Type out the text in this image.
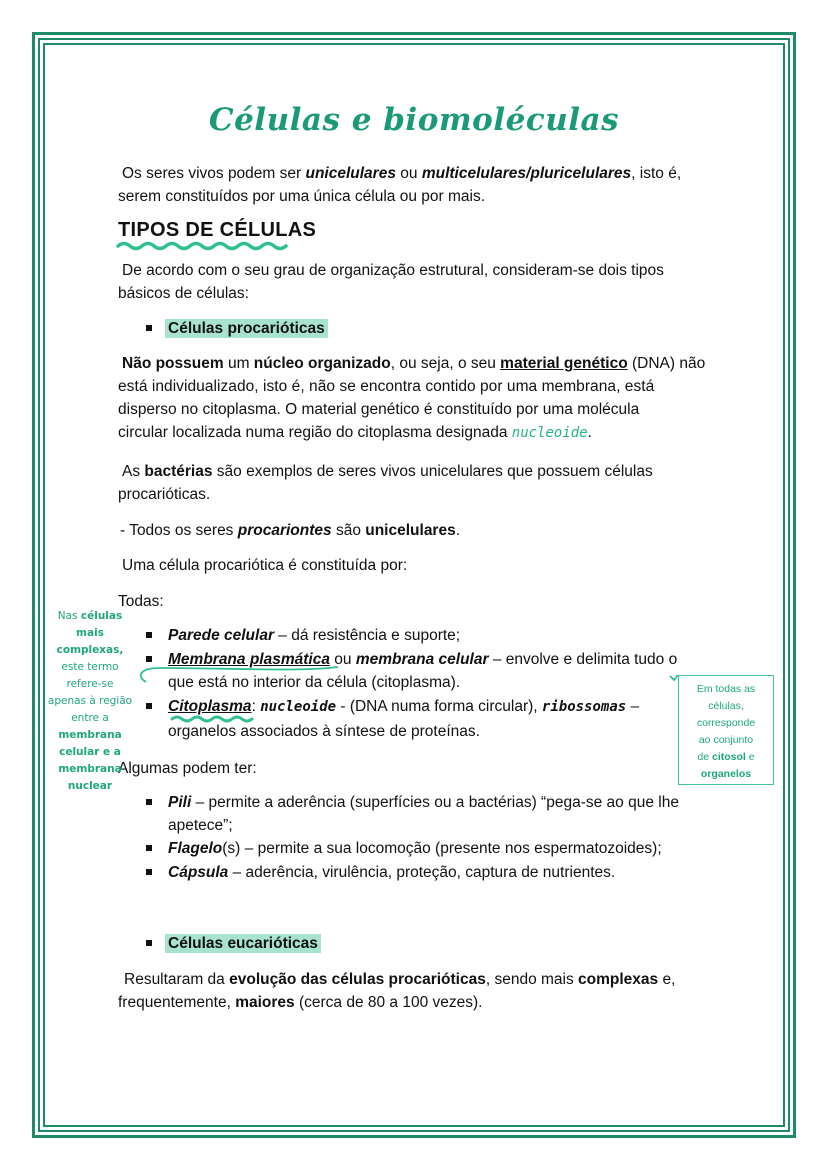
Células e biomoléculas
Os seres vivos podem ser unicelulares ou multicelulares/pluricelulares, isto é,
serem constituídos por uma única célula ou por mais.
TIPOS DE CÉLULAS
De acordo com o seu grau de organização estrutural, consideram-se dois tipos
básicos de células:
Células procarióticas
Não possuem um núcleo organizado, ou seja, o seu material genético (DNA) não
está individualizado, isto é, não se encontra contido por uma membrana, está
disperso no citoplasma. O material genético é constituído por uma molécula
circular localizada numa região do citoplasma designada nucleoide.
As bactérias são exemplos de seres vivos unicelulares que possuem células
procarióticas.
- Todos os seres procariontes são unicelulares.
Uma célula procariótica é constituída por:
Todas:
Parede celular – dá resistência e suporte;
Membrana plasmática ou membrana celular – envolve e delimita tudo o
que está no interior da célula (citoplasma).
Citoplasma: nucleoide - (DNA numa forma circular), ribossomas –
organelos associados à síntese de proteínas.
Algumas podem ter:
Pili – permite a aderência (superfícies ou a bactérias) “pega-se ao que lhe
apetece”;
Flagelo(s) – permite a sua locomoção (presente nos espermatozoides);
Cápsula – aderência, virulência, proteção, captura de nutrientes.
Células eucarióticas
Resultaram da evolução das células procarióticas, sendo mais complexas e,
frequentemente, maiores (cerca de 80 a 100 vezes).
Nas células
mais complexas,
este termo
refere-se
apenas à região
entre a
membrana
celular e a
membrana
nuclear
Em todas as
células,
corresponde
ao conjunto
de citosol e
organelos
